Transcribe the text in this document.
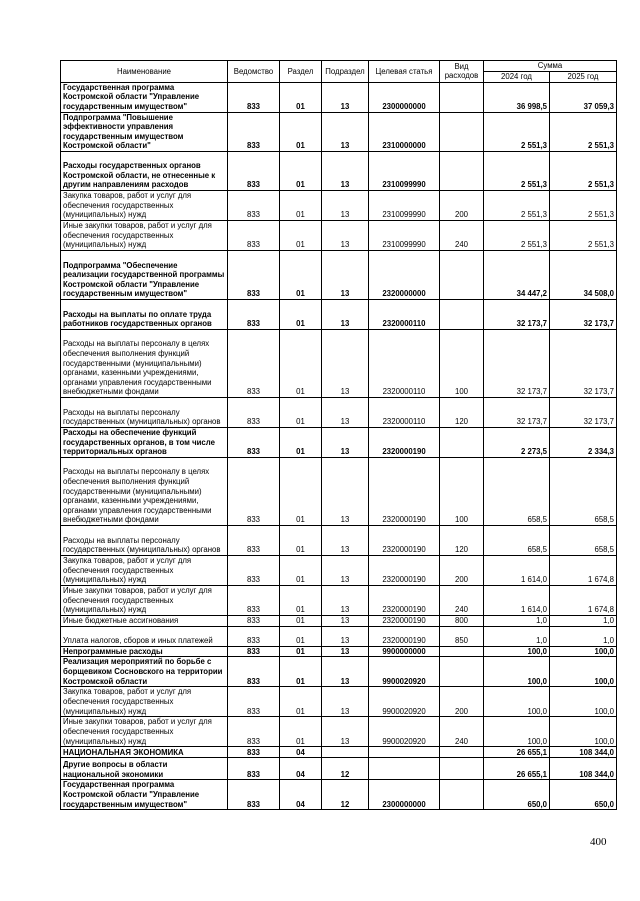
Наименование	Ведомство	Раздел	Подраздел	Целевая статья	Вид расходов	Сумма	
						2024 год	2025 год
Государственная программа Костромской области "Управление государственным имуществом"	833	01	13	2300000000		36 998,5	37 059,3
Подпрограмма "Повышение эффективности управления государственным имуществом Костромской области"	833	01	13	2310000000		2 551,3	2 551,3
Расходы государственных органов Костромской области, не отнесенные к другим направлениям расходов	833	01	13	2310099990		2 551,3	2 551,3
Закупка товаров, работ и услуг для обеспечения государственных (муниципальных) нужд	833	01	13	2310099990	200	2 551,3	2 551,3
Иные закупки товаров, работ и услуг для обеспечения государственных (муниципальных) нужд	833	01	13	2310099990	240	2 551,3	2 551,3
Подпрограмма "Обеспечение реализации государственной программы Костромской области "Управление государственным имуществом"	833	01	13	2320000000		34 447,2	34 508,0
Расходы на выплаты по оплате труда работников государственных органов	833	01	13	2320000110		32 173,7	32 173,7
Расходы на выплаты персоналу в целях обеспечения выполнения функций государственными (муниципальными) органами, казенными учреждениями, органами управления государственными внебюджетными фондами	833	01	13	2320000110	100	32 173,7	32 173,7
Расходы на выплаты персоналу государственных (муниципальных) органов	833	01	13	2320000110	120	32 173,7	32 173,7
Расходы на обеспечение функций государственных органов, в том числе территориальных органов	833	01	13	2320000190		2 273,5	2 334,3
Расходы на выплаты персоналу в целях обеспечения выполнения функций государственными (муниципальными) органами, казенными учреждениями, органами управления государственными внебюджетными фондами	833	01	13	2320000190	100	658,5	658,5
Расходы на выплаты персоналу государственных (муниципальных) органов	833	01	13	2320000190	120	658,5	658,5
Закупка товаров, работ и услуг для обеспечения государственных (муниципальных) нужд	833	01	13	2320000190	200	1 614,0	1 674,8
Иные закупки товаров, работ и услуг для обеспечения государственных (муниципальных) нужд	833	01	13	2320000190	240	1 614,0	1 674,8
Иные бюджетные ассигнования	833	01	13	2320000190	800	1,0	1,0
Уплата налогов, сборов и иных платежей	833	01	13	2320000190	850	1,0	1,0
Непрограммные расходы	833	01	13	9900000000		100,0	100,0
Реализация мероприятий по борьбе с борщевиком Сосновского на территории Костромской области	833	01	13	9900020920		100,0	100,0
Закупка товаров, работ и услуг для обеспечения государственных (муниципальных) нужд	833	01	13	9900020920	200	100,0	100,0
Иные закупки товаров, работ и услуг для обеспечения государственных (муниципальных) нужд	833	01	13	9900020920	240	100,0	100,0
НАЦИОНАЛЬНАЯ ЭКОНОМИКА	833	04				26 655,1	108 344,0
Другие вопросы в области национальной экономики	833	04	12			26 655,1	108 344,0
Государственная программа Костромской области "Управление государственным имуществом"	833	04	12	2300000000		650,0	650,0
400
